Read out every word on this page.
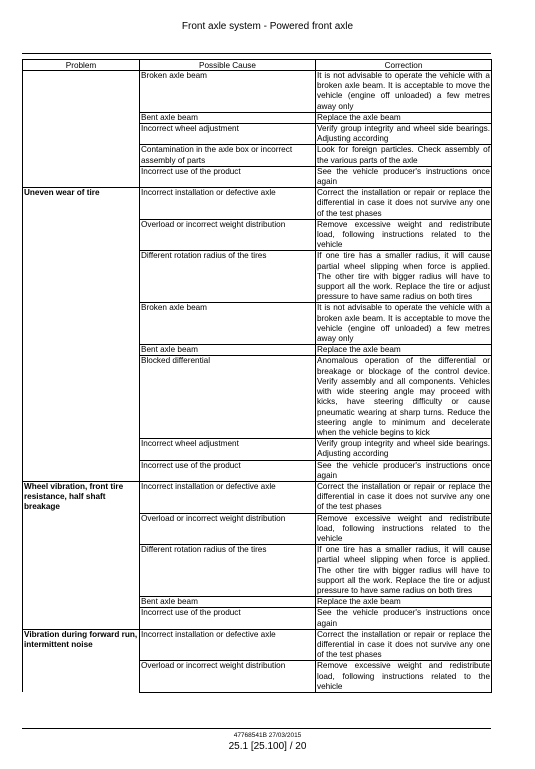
Front axle system - Powered front axle
Problem	Possible Cause	Correction
	Broken axle beam	It is not advisable to operate the vehicle with a broken axle beam. It is acceptable to move the vehicle (engine off unloaded) a few metres away only
	Bent axle beam	Replace the axle beam
	Incorrect wheel adjustment	Verify group integrity and wheel side bearings. Adjusting according
	Contamination in the axle box or incorrect assembly of parts	Look for foreign particles. Check assembly of the various parts of the axle
	Incorrect use of the product	See the vehicle producer's instructions once again
Uneven wear of tire	Incorrect installation or defective axle	Correct the installation or repair or replace the differential in case it does not survive any one of the test phases
	Overload or incorrect weight distribution	Remove excessive weight and redistribute load, following instructions related to the vehicle
	Different rotation radius of the tires	If one tire has a smaller radius, it will cause partial wheel slipping when force is applied. The other tire with bigger radius will have to support all the work. Replace the tire or adjust pressure to have same radius on both tires
	Broken axle beam	It is not advisable to operate the vehicle with a broken axle beam. It is acceptable to move the vehicle (engine off unloaded) a few metres away only
	Bent axle beam	Replace the axle beam
	Blocked differential	Anomalous operation of the differential or breakage or blockage of the control device. Verify assembly and all components. Vehicles with wide steering angle may proceed with kicks, have steering difficulty or cause pneumatic wearing at sharp turns. Reduce the steering angle to minimum and decelerate when the vehicle begins to kick
	Incorrect wheel adjustment	Verify group integrity and wheel side bearings. Adjusting according
	Incorrect use of the product	See the vehicle producer's instructions once again
Wheel vibration, front tire resistance, half shaft breakage	Incorrect installation or defective axle	Correct the installation or repair or replace the differential in case it does not survive any one of the test phases
	Overload or incorrect weight distribution	Remove excessive weight and redistribute load, following instructions related to the vehicle
	Different rotation radius of the tires	If one tire has a smaller radius, it will cause partial wheel slipping when force is applied. The other tire with bigger radius will have to support all the work. Replace the tire or adjust pressure to have same radius on both tires
	Bent axle beam	Replace the axle beam
	Incorrect use of the product	See the vehicle producer's instructions once again
Vibration during forward run, intermittent noise	Incorrect installation or defective axle	Correct the installation or repair or replace the differential in case it does not survive any one of the test phases
	Overload or incorrect weight distribution	Remove excessive weight and redistribute load, following instructions related to the vehicle
47768541B 27/03/2015
25.1 [25.100] / 20
